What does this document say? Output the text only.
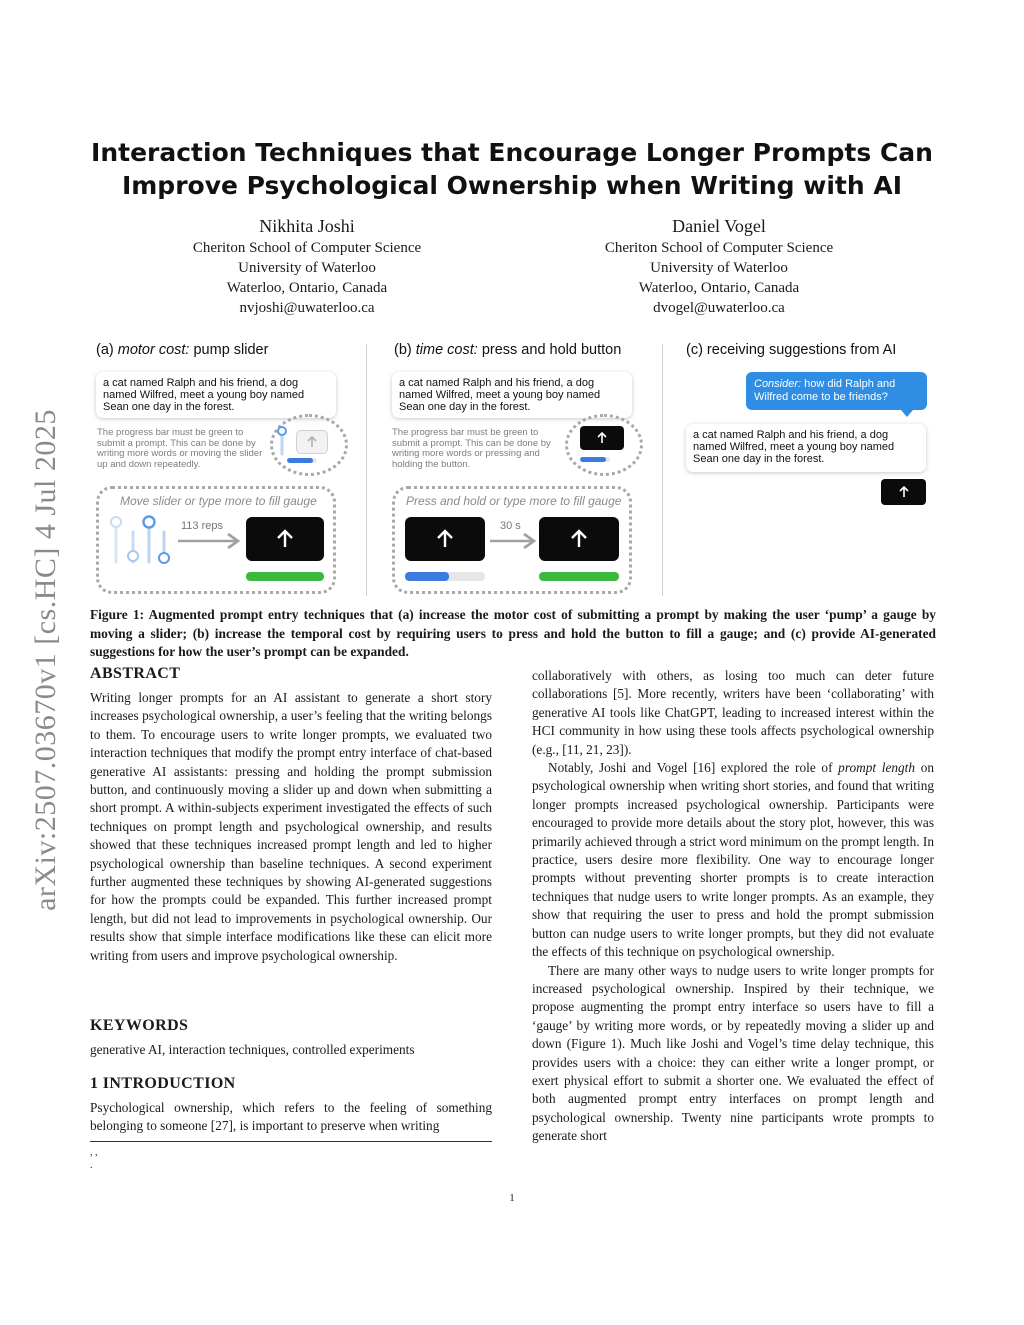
arXiv:2507.03670v1 [cs.HC] 4 Jul 2025
Interaction Techniques that Encourage Longer Prompts Can
Improve Psychological Ownership when Writing with AI
Nikhita Joshi
Cheriton School of Computer Science
University of Waterloo
Waterloo, Ontario, Canada
nvjoshi@uwaterloo.ca
Daniel Vogel
Cheriton School of Computer Science
University of Waterloo
Waterloo, Ontario, Canada
dvogel@uwaterloo.ca
(a) motor cost: pump slider
a cat named Ralph and his friend, a dog named Wilfred, meet a young boy named Sean one day in the forest.
The progress bar must be green to submit a prompt. This can be done by writing more words or moving the slider up and down repeatedly.
Move slider or type more to fill gauge
113 reps
(b) time cost: press and hold button
a cat named Ralph and his friend, a dog named Wilfred, meet a young boy named Sean one day in the forest.
The progress bar must be green to submit a prompt. This can be done by writing more words or pressing and holding the button.
Press and hold or type more to fill gauge
30 s
(c) receiving suggestions from AI
Consider: how did Ralph and Wilfred come to be friends?
a cat named Ralph and his friend, a dog named Wilfred, meet a young boy named Sean one day in the forest.
Figure 1: Augmented prompt entry techniques that (a) increase the motor cost of submitting a prompt by making the user ‘pump’ a gauge by moving a slider; (b) increase the temporal cost by requiring users to press and hold the button to fill a gauge; and (c) provide AI-generated suggestions for how the user’s prompt can be expanded.
ABSTRACT

Writing longer prompts for an AI assistant to generate a short story increases psychological ownership, a user’s feeling that the writing belongs to them. To encourage users to write longer prompts, we evaluated two interaction techniques that modify the prompt entry interface of chat-based generative AI assistants: pressing and holding the prompt submission button, and continuously moving a slider up and down when submitting a short prompt. A within-subjects experiment investigated the effects of such techniques on prompt length and psychological ownership, and results showed that these techniques increased prompt length and led to higher psychological ownership than baseline techniques. A second experiment further augmented these techniques by showing AI-generated suggestions for how the prompts could be expanded. This further increased prompt length, but did not lead to improvements in psychological ownership. Our results show that simple interface modifications like these can elicit more writing from users and improve psychological ownership.

KEYWORDS

generative AI, interaction techniques, controlled experiments

1 INTRODUCTION

Psychological ownership, which refers to the feeling of something belonging to someone [27], is important to preserve when writing

, ,
.

collaboratively with others, as losing too much can deter future collaborations [5]. More recently, writers have been ‘collaborating’ with generative AI tools like ChatGPT, leading to increased interest within the HCI community in how using these tools affects psychological ownership (e.g., [11, 21, 23]).

Notably, Joshi and Vogel [16] explored the role of prompt length on psychological ownership when writing short stories, and found that writing longer prompts increased psychological ownership. Participants were encouraged to provide more details about the story plot, however, this was primarily achieved through a strict word minimum on the prompt length. In practice, users desire more flexibility. One way to encourage longer prompts without preventing shorter prompts is to create interaction techniques that nudge users to write longer prompts. As an example, they show that requiring the user to press and hold the prompt submission button can nudge users to write longer prompts, but they did not evaluate the effects of this technique on psychological ownership.

There are many other ways to nudge users to write longer prompts for increased psychological ownership. Inspired by their technique, we propose augmenting the prompt entry interface so users have to fill a ‘gauge’ by writing more words, or by repeatedly moving a slider up and down (Figure 1). Much like Joshi and Vogel’s time delay technique, this provides users with a choice: they can either write a longer prompt, or exert physical effort to submit a shorter one. We evaluated the effect of both augmented prompt entry interfaces on prompt length and psychological ownership. Twenty nine participants wrote prompts to generate short

1
